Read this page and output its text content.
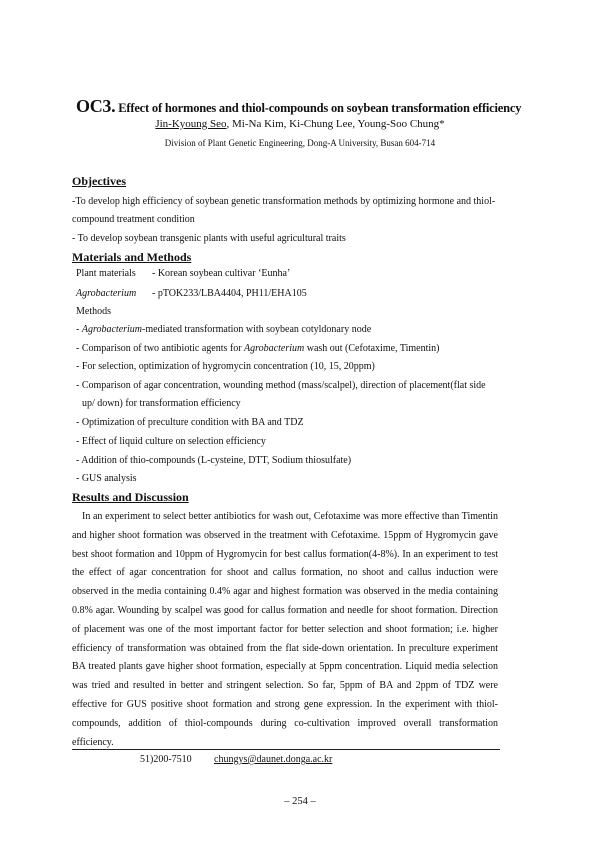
OC3. Effect of hormones and thiol-compounds on soybean transformation efficiency
Jin-Kyoung Seo, Mi-Na Kim, Ki-Chung Lee, Young-Soo Chung*
Division of Plant Genetic Engineering, Dong-A University, Busan 604-714
Objectives
-To develop high efficiency of soybean genetic transformation methods by optimizing hormone and thiol-
compound treatment condition
- To develop soybean transgenic plants with useful agricultural traits
Materials and Methods
Plant materials - Korean soybean cultivar ‘Eunha’
Agrobacterium - pTOK233/LBA4404, PH11/EHA105
Methods
- Agrobacterium-mediated transformation with soybean cotyldonary node
- Comparison of two antibiotic agents for Agrobacterium wash out (Cefotaxime, Timentin)
- For selection, optimization of hygromycin concentration (10, 15, 20ppm)
- Comparison of agar concentration, wounding method (mass/scalpel), direction of placement(flat side
up/ down) for transformation efficiency
- Optimization of preculture condition with BA and TDZ
- Effect of liquid culture on selection efficiency
- Addition of thio-compounds (L-cysteine, DTT, Sodium thiosulfate)
- GUS analysis
Results and Discussion
In an experiment to select better antibiotics for wash out, Cefotaxime was more effective than Timentin and higher shoot formation was observed in the treatment with Cefotaxime. 15ppm of Hygromycin gave best shoot formation and 10ppm of Hygromycin for best callus formation(4-8%). In an experiment to test the effect of agar concentration for shoot and callus formation, no shoot and callus induction were observed in the media containing 0.4% agar and highest formation was observed in the media containing 0.8% agar. Wounding by scalpel was good for callus formation and needle for shoot formation. Direction of placement was one of the most important factor for better selection and shoot formation; i.e. higher efficiency of transformation was obtained from the flat side-down orientation. In preculture experiment BA treated plants gave higher shoot formation, especially at 5ppm concentration. Liquid media selection was tried and resulted in better and stringent selection. So far, 5ppm of BA and 2ppm of TDZ were effective for GUS positive shoot formation and strong gene expression. In the experiment with thiol-compounds, addition of thiol-compounds during co-cultivation improved overall transformation efficiency.
51)200-7510 chungys@daunet.donga.ac.kr
– 254 –
